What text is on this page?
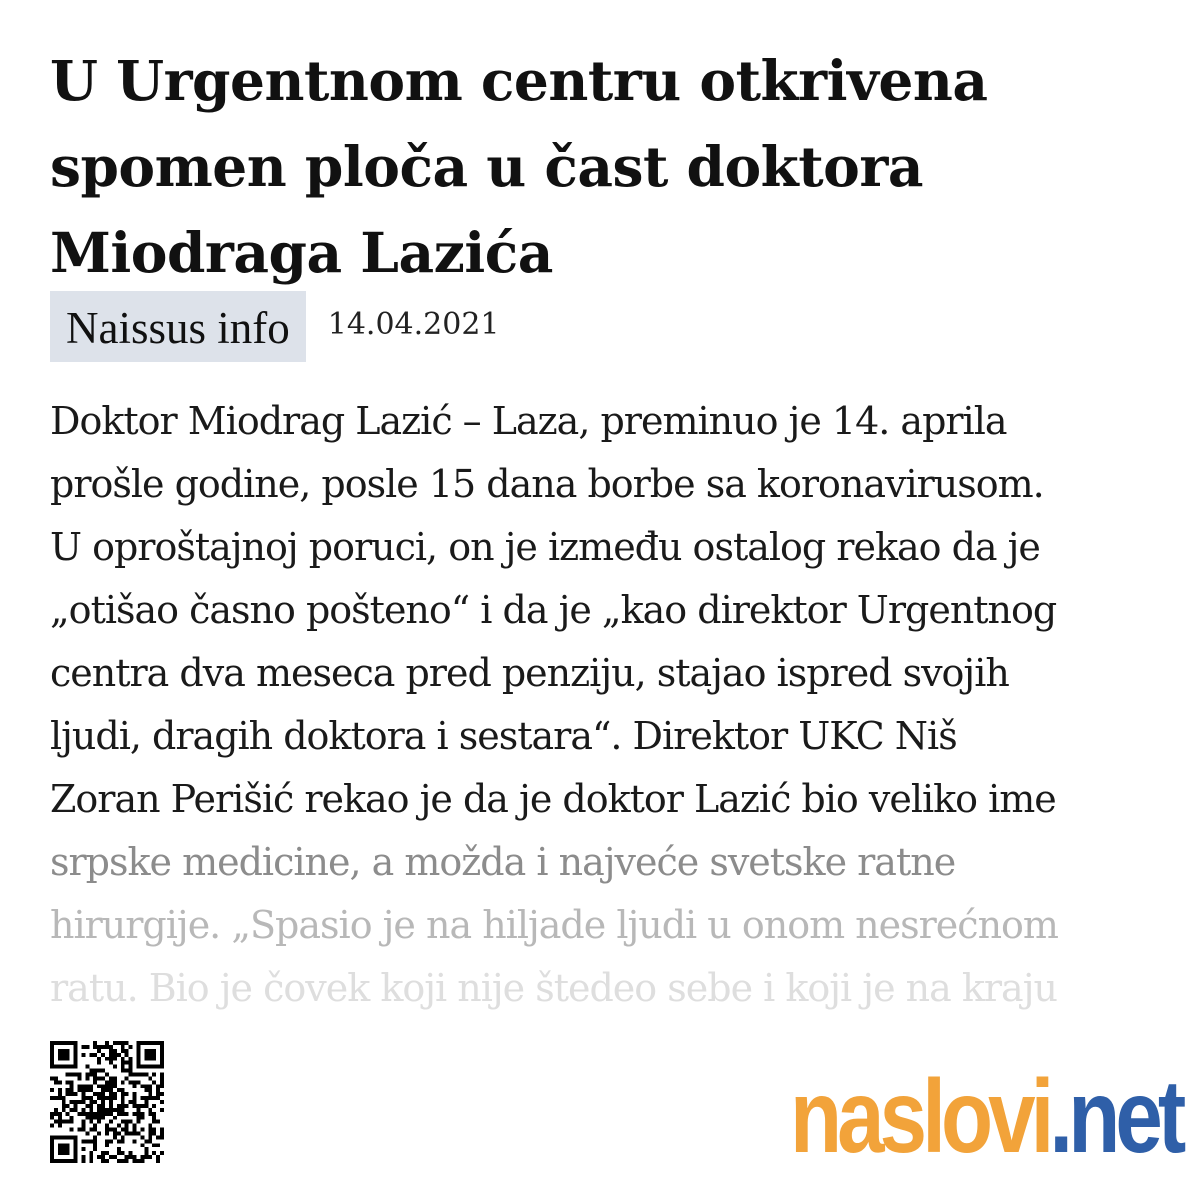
U Urgentnom centru otkrivena
spomen ploča u čast doktora
Miodraga Lazića
Naissus info	14.04.2021
Doktor Miodrag Lazić – Laza, preminuo je 14. aprila
prošle godine, posle 15 dana borbe sa koronavirusom.
U oproštajnoj poruci, on je između ostalog rekao da je
„otišao časno pošteno“ i da je „kao direktor Urgentnog
centra dva meseca pred penziju, stajao ispred svojih
ljudi, dragih doktora i sestara“. Direktor UKC Niš
Zoran Perišić rekao je da je doktor Lazić bio veliko ime
srpske medicine, a možda i najveće svetske ratne
hirurgije. „Spasio je na hiljade ljudi u onom nesrećnom
ratu. Bio je čovek koji nije štedeo sebe i koji je na kraju
naslovi.net
